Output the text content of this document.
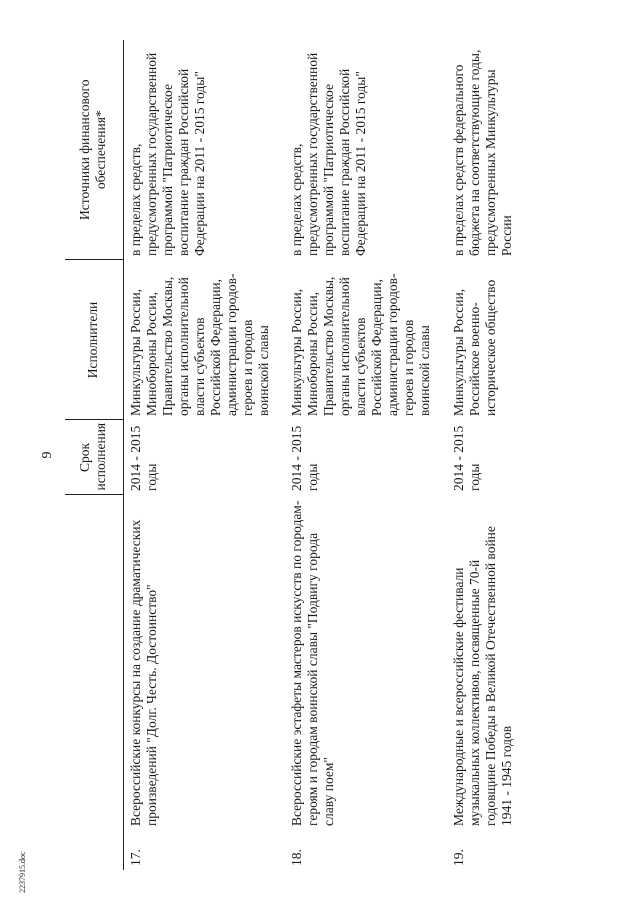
9
		Срок исполнения	Исполнители	Источники финансового обеспечения*
17.	Всероссийские конкурсы на создание драматических произведений "Долг. Честь. Достоинство"	2014 - 2015 годы	Минкультуры России, Минобороны России, Правительство Москвы, органы исполнительной власти субъектов Российской Федерации, администрации городов-героев и городов воинской славы	в пределах средств, предусмотренных государственной программой "Патриотическое воспитание граждан Российской Федерации на 2011 - 2015 годы"
18.	Всероссийские эстафеты мастеров искусств по городам-героям и городам воинской славы "Подвигу города славу поем"	2014 - 2015 годы	Минкультуры России, Минобороны России, Правительство Москвы, органы исполнительной власти субъектов Российской Федерации, администрации городов-героев и городов воинской славы	в пределах средств, предусмотренных государственной программой "Патриотическое воспитание граждан Российской Федерации на 2011 - 2015 годы"
19.	Международные и всероссийские фестивали музыкальных коллективов, посвященные 70-й годовщине Победы в Великой Отечественной войне 1941 - 1945 годов	2014 - 2015 годы	Минкультуры России, Российское военно-историческое общество	в пределах средств федерального бюджета на соответствующие годы, предусмотренных Минкультуры России
2237915.doc
